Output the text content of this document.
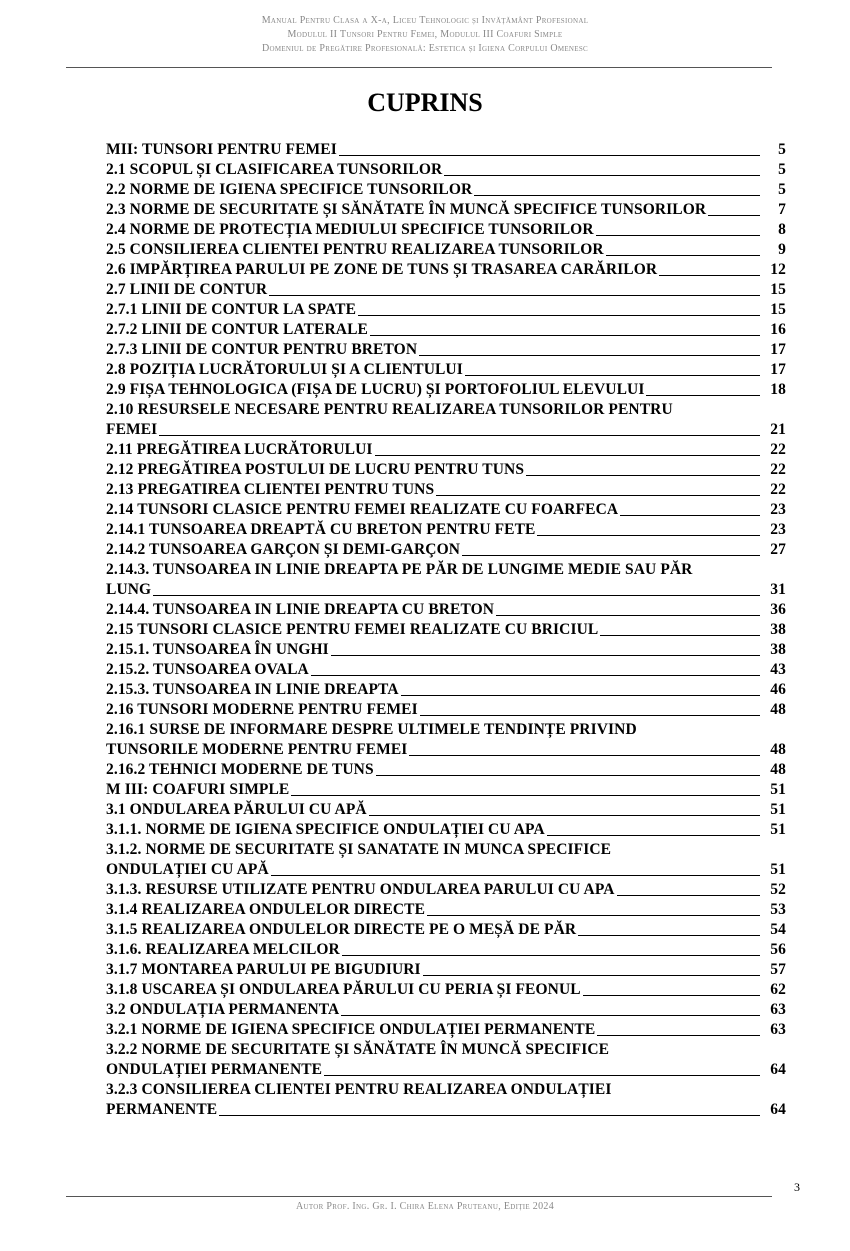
Manual Pentru Clasa a X-a, Liceu Tehnologic și Invățământ Profesional
Modulul II Tunsori Pentru Femei, Modulul III Coafuri Simple
Domeniul de Pregătire Profesională: Estetica și Igiena Corpului Omenesc
CUPRINS
MII: TUNSORI PENTRU FEMEI	5
2.1 SCOPUL ȘI CLASIFICAREA TUNSORILOR	5
2.2 NORME DE IGIENA SPECIFICE TUNSORILOR	5
2.3 NORME DE SECURITATE ȘI SĂNĂTATE ÎN MUNCĂ SPECIFICE TUNSORILOR	7
2.4 NORME DE PROTECȚIA MEDIULUI SPECIFICE TUNSORILOR	8
2.5 CONSILIEREA CLIENTEI PENTRU REALIZAREA TUNSORILOR	9
2.6 IMPĂRȚIREA PARULUI PE ZONE DE TUNS ȘI TRASAREA CARĂRILOR	12
2.7 LINII DE CONTUR	15
2.7.1 LINII DE CONTUR LA SPATE	15
2.7.2 LINII DE CONTUR LATERALE	16
2.7.3 LINII DE CONTUR PENTRU BRETON	17
2.8 POZIȚIA LUCRĂTORULUI ȘI A CLIENTULUI	17
2.9 FIȘA TEHNOLOGICA (FIȘA DE LUCRU) ȘI PORTOFOLIUL ELEVULUI	18
2.10 RESURSELE NECESARE PENTRU REALIZAREA TUNSORILOR PENTRU
FEMEI	21
2.11 PREGĂTIREA LUCRĂTORULUI	22
2.12 PREGĂTIREA POSTULUI DE LUCRU PENTRU TUNS	22
2.13 PREGATIREA CLIENTEI PENTRU TUNS	22
2.14 TUNSORI CLASICE PENTRU FEMEI REALIZATE CU FOARFECA	23
2.14.1 TUNSOAREA DREAPTĂ CU BRETON PENTRU FETE	23
2.14.2 TUNSOAREA GARÇON ȘI DEMI-GARÇON	27
2.14.3. TUNSOAREA IN LINIE DREAPTA PE PĂR DE LUNGIME MEDIE SAU PĂR
LUNG	31
2.14.4. TUNSOAREA IN LINIE DREAPTA CU BRETON	36
2.15 TUNSORI CLASICE PENTRU FEMEI REALIZATE CU BRICIUL	38
2.15.1. TUNSOAREA ÎN UNGHI	38
2.15.2. TUNSOAREA OVALA	43
2.15.3. TUNSOAREA IN LINIE DREAPTA	46
2.16 TUNSORI MODERNE PENTRU FEMEI	48
2.16.1 SURSE DE INFORMARE DESPRE ULTIMELE TENDINȚE PRIVIND
TUNSORILE MODERNE PENTRU FEMEI	48
2.16.2 TEHNICI MODERNE DE TUNS	48
M III: COAFURI SIMPLE	51
3.1 ONDULAREA PĂRULUI CU APĂ	51
3.1.1. NORME DE IGIENA SPECIFICE ONDULAȚIEI CU APA	51
3.1.2. NORME DE SECURITATE ȘI SANATATE IN MUNCA SPECIFICE
ONDULAȚIEI CU APĂ	51
3.1.3. RESURSE UTILIZATE PENTRU ONDULAREA PARULUI CU APA	52
3.1.4 REALIZAREA ONDULELOR DIRECTE	53
3.1.5 REALIZAREA ONDULELOR DIRECTE PE O MEȘĂ DE PĂR	54
3.1.6. REALIZAREA MELCILOR	56
3.1.7 MONTAREA PARULUI PE BIGUDIURI	57
3.1.8 USCAREA ȘI ONDULAREA PĂRULUI CU PERIA ȘI FEONUL	62
3.2 ONDULAȚIA PERMANENTA	63
3.2.1 NORME DE IGIENA SPECIFICE ONDULAȚIEI PERMANENTE	63
3.2.2 NORME DE SECURITATE ȘI SĂNĂTATE ÎN MUNCĂ SPECIFICE
ONDULAȚIEI PERMANENTE	64
3.2.3 CONSILIEREA CLIENTEI PENTRU REALIZAREA ONDULAȚIEI
PERMANENTE	64
3
Autor Prof. Ing. Gr. I. Chira Elena Pruteanu, Ediție 2024
